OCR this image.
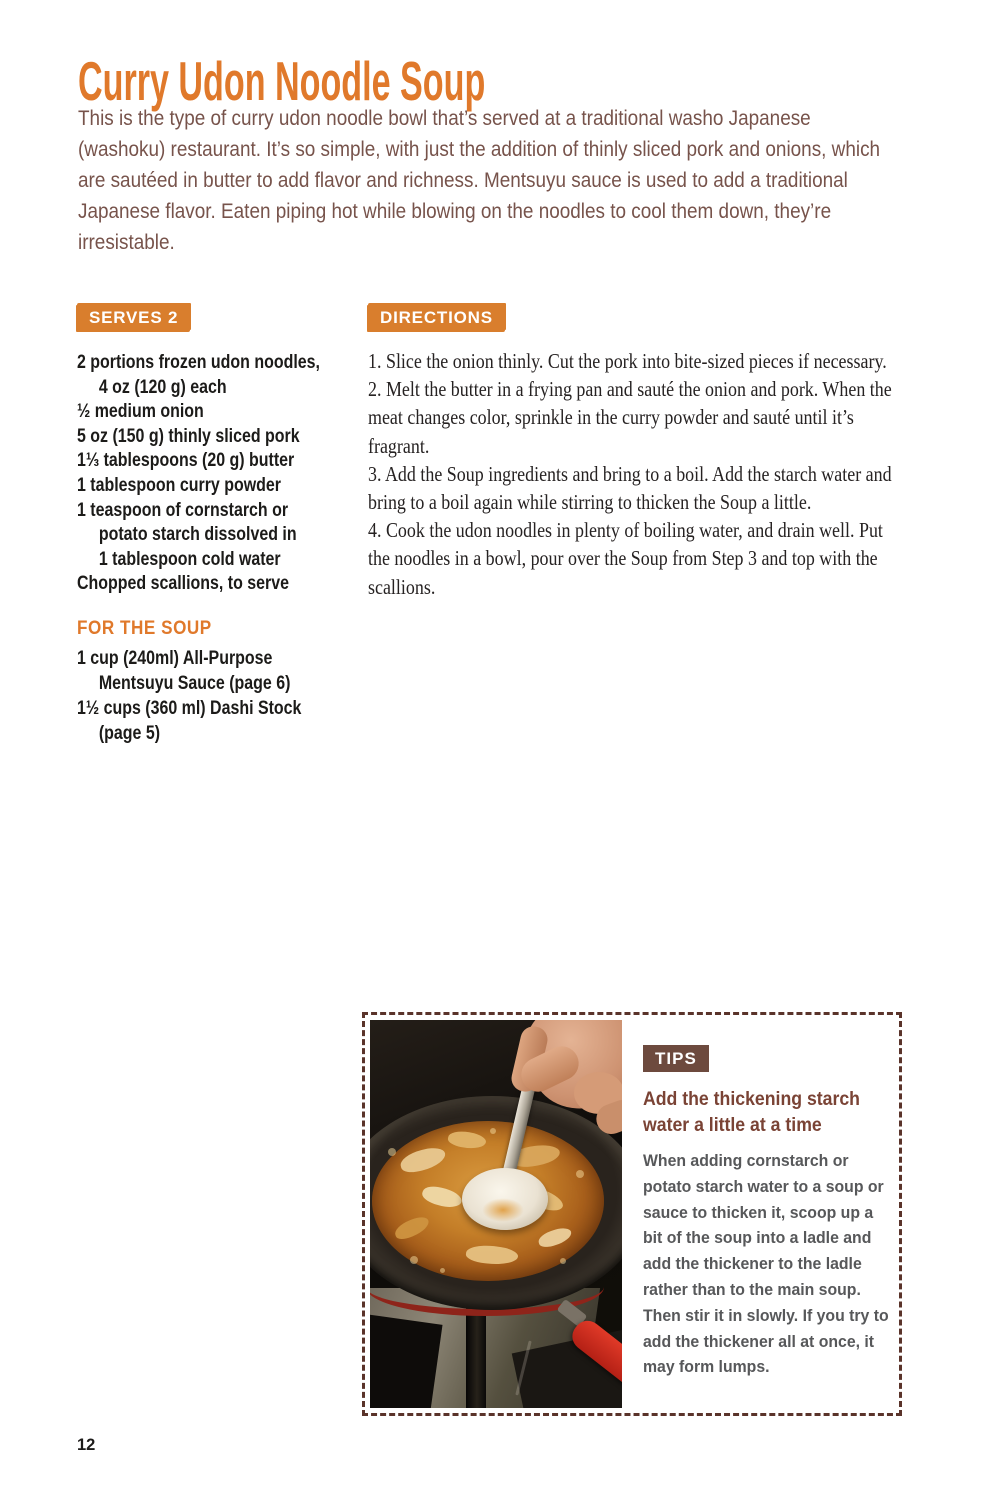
Curry Udon Noodle Soup

This is the type of curry udon noodle bowl that’s served at a traditional washo Japanese (washoku) restaurant. It’s so simple, with just the addition of thinly sliced pork and onions, which are sautéed in butter to add flavor and richness. Mentsuyu sauce is used to add a traditional Japanese flavor. Eaten piping hot while blowing on the noodles to cool them down, they’re irresistable.

SERVES 2
2 portions frozen udon noodles,
4 oz (120 g) each
½ medium onion
5 oz (150 g) thinly sliced pork
1⅓ tablespoons (20 g) butter
1 tablespoon curry powder
1 teaspoon of cornstarch or
potato starch dissolved in
1 tablespoon cold water
Chopped scallions, to serve
FOR THE SOUP
1 cup (240ml) All-Purpose
Mentsuyu Sauce (page 6)
1½ cups (360 ml) Dashi Stock
(page 5)
DIRECTIONS

1. Slice the onion thinly. Cut the pork into bite-sized pieces if necessary.

2. Melt the butter in a frying pan and sauté the onion and pork. When the meat changes color, sprinkle in the curry powder and sauté until it’s fragrant.

3. Add the Soup ingredients and bring to a boil. Add the starch water and bring to a boil again while stirring to thicken the Soup a little.

4. Cook the udon noodles in plenty of boiling water, and drain well. Put the noodles in a bowl, pour over the Soup from Step 3 and top with the scallions.

TIPS
Add the thickening starch water a little at a time

When adding cornstarch or potato starch water to a soup or sauce to thicken it, scoop up a bit of the soup into a ladle and add the thickener to the ladle rather than to the main soup. Then stir it in slowly. If you try to add the thickener all at once, it may form lumps.

12
